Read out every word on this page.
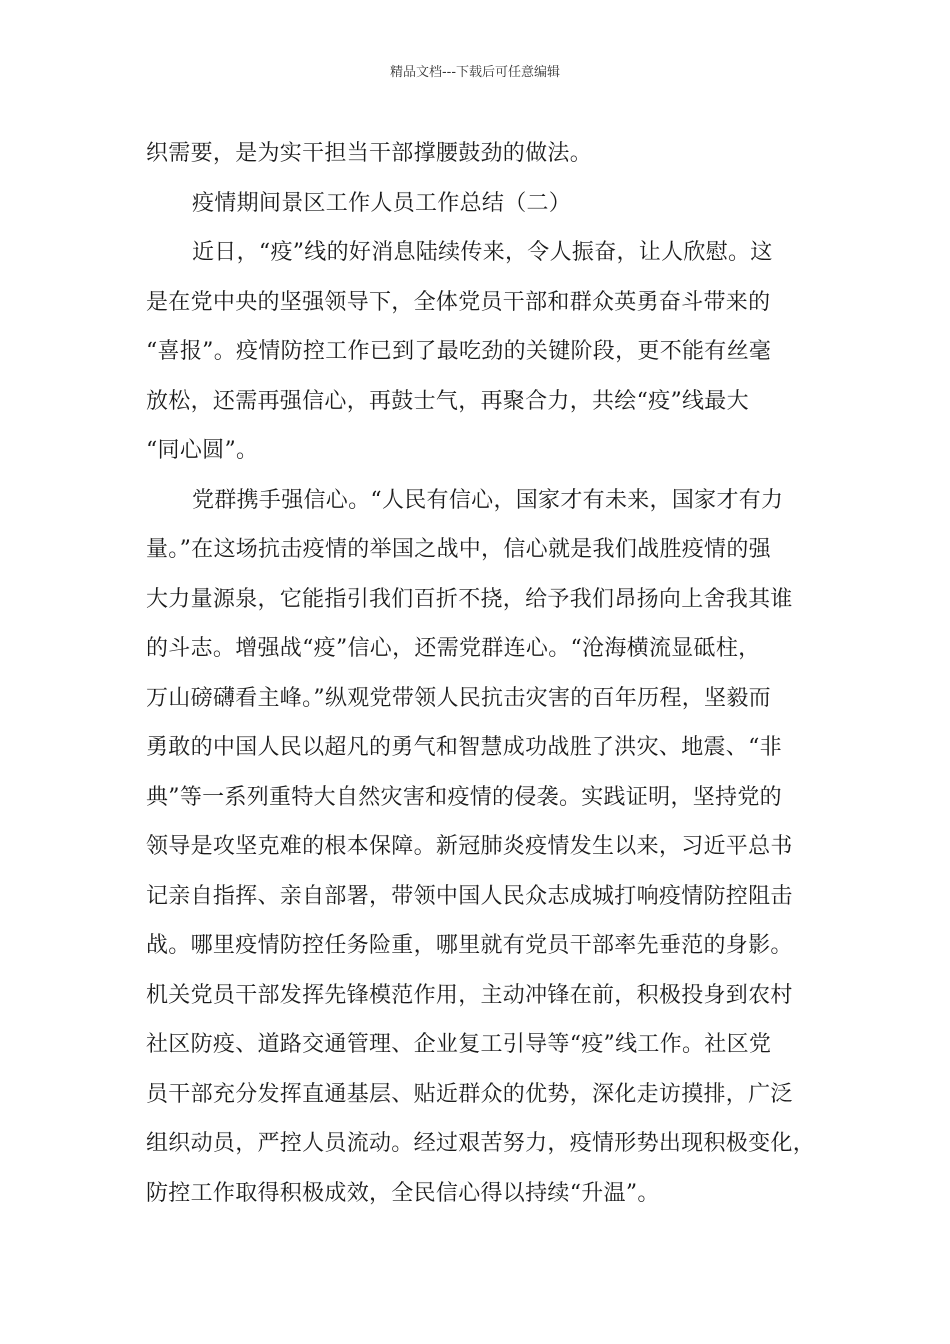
精品文档---下载后可任意编辑
织需要，是为实干担当干部撑腰鼓劲的做法。
疫情期间景区工作人员工作总结（二）
近日，“疫”线的好消息陆续传来，令人振奋，让人欣慰。这
是在党中央的坚强领导下，全体党员干部和群众英勇奋斗带来的
“喜报”。疫情防控工作已到了最吃劲的关键阶段，更不能有丝毫
放松，还需再强信心，再鼓士气，再聚合力，共绘“疫”线最大
“同心圆”。
党群携手强信心。“人民有信心，国家才有未来，国家才有力
量。”在这场抗击疫情的举国之战中，信心就是我们战胜疫情的强
大力量源泉，它能指引我们百折不挠，给予我们昂扬向上舍我其谁
的斗志。增强战“疫”信心，还需党群连心。“沧海横流显砥柱，
万山磅礴看主峰。”纵观党带领人民抗击灾害的百年历程，坚毅而
勇敢的中国人民以超凡的勇气和智慧成功战胜了洪灾、地震、“非
典”等一系列重特大自然灾害和疫情的侵袭。实践证明，坚持党的
领导是攻坚克难的根本保障。新冠肺炎疫情发生以来，习近平总书
记亲自指挥、亲自部署，带领中国人民众志成城打响疫情防控阻击
战。哪里疫情防控任务险重，哪里就有党员干部率先垂范的身影。
机关党员干部发挥先锋模范作用，主动冲锋在前，积极投身到农村
社区防疫、道路交通管理、企业复工引导等“疫”线工作。社区党
员干部充分发挥直通基层、贴近群众的优势，深化走访摸排，广泛
组织动员，严控人员流动。经过艰苦努力，疫情形势出现积极变化，
防控工作取得积极成效，全民信心得以持续“升温”。
